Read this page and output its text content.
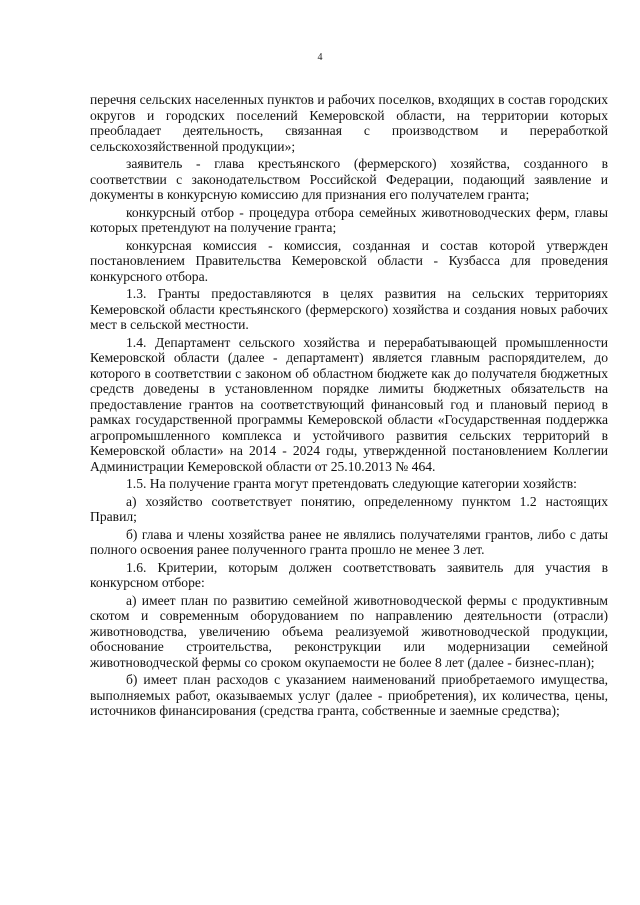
4

перечня сельских населенных пунктов и рабочих поселков, входящих в состав городских округов и городских поселений Кемеровской области, на территории которых преобладает деятельность, связанная с производством и переработкой сельскохозяйственной продукции»;

заявитель - глава крестьянского (фермерского) хозяйства, созданного в соответствии с законодательством Российской Федерации, подающий заявление и документы в конкурсную комиссию для признания его получателем гранта;

конкурсный отбор - процедура отбора семейных животноводческих ферм, главы которых претендуют на получение гранта;

конкурсная комиссия - комиссия, созданная и состав которой утвержден постановлением Правительства Кемеровской области - Кузбасса для проведения конкурсного отбора.

1.3. Гранты предоставляются в целях развития на сельских территориях Кемеровской области крестьянского (фермерского) хозяйства и создания новых рабочих мест в сельской местности.

1.4. Департамент сельского хозяйства и перерабатывающей промышленности Кемеровской области (далее - департамент) является главным распорядителем, до которого в соответствии с законом об областном бюджете как до получателя бюджетных средств доведены в установленном порядке лимиты бюджетных обязательств на предоставление грантов на соответствующий финансовый год и плановый период в рамках государственной программы Кемеровской области «Государственная поддержка агропромышленного комплекса и устойчивого развития сельских территорий в Кемеровской области» на 2014 - 2024 годы, утвержденной постановлением Коллегии Администрации Кемеровской области от 25.10.2013 № 464.

1.5. На получение гранта могут претендовать следующие категории хозяйств:

а) хозяйство соответствует понятию, определенному пунктом 1.2 настоящих Правил;

б) глава и члены хозяйства ранее не являлись получателями грантов, либо с даты полного освоения ранее полученного гранта прошло не менее 3 лет.

1.6. Критерии, которым должен соответствовать заявитель для участия в конкурсном отборе:

а) имеет план по развитию семейной животноводческой фермы с продуктивным скотом и современным оборудованием по направлению деятельности (отрасли) животноводства, увеличению объема реализуемой животноводческой продукции, обоснование строительства, реконструкции или модернизации семейной животноводческой фермы со сроком окупаемости не более 8 лет (далее - бизнес-план);

б) имеет план расходов с указанием наименований приобретаемого имущества, выполняемых работ, оказываемых услуг (далее - приобретения), их количества, цены, источников финансирования (средства гранта, собственные и заемные средства);
